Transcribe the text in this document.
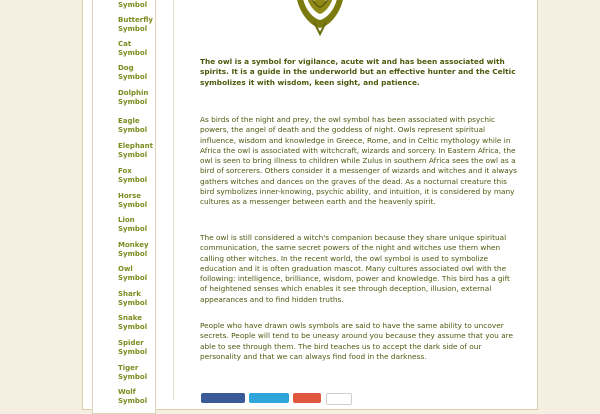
Symbol
Butterfly
Symbol
Cat
Symbol
Dog
Symbol
Dolphin
Symbol
Eagle
Symbol
Elephant
Symbol
Fox
Symbol
Horse
Symbol
Lion
Symbol
Monkey
Symbol
Owl
Symbol
Shark
Symbol
Snake
Symbol
Spider
Symbol
Tiger
Symbol
Wolf
Symbol
The owl is a symbol for vigilance, acute wit and has been associated with spirits. It is a guide in the underworld but an effective hunter and the Celtic symbolizes it with wisdom, keen sight, and patience.
As birds of the night and prey, the owl symbol has been associated with psychic powers, the angel of death and the goddess of night. Owls represent spiritual influence, wisdom and knowledge in Greece, Rome, and in Celtic mythology while in Africa the owl is associated with witchcraft, wizards and sorcery. In Eastern Africa, the owl is seen to bring illness to children while Zulus in southern Africa sees the owl as a bird of sorcerers. Others consider it a messenger of wizards and witches and it always gathers witches and dances on the graves of the dead. As a nocturnal creature this bird symbolizes inner-knowing, psychic ability, and intuition, it is considered by many cultures as a messenger between earth and the heavenly spirit.
The owl is still considered a witch's companion because they share unique spiritual communication, the same secret powers of the night and witches use them when calling other witches. In the recent world, the owl symbol is used to symbolize education and it is often graduation mascot. Many cultures associated owl with the following: intelligence, brilliance, wisdom, power and knowledge. This bird has a gift of heightened senses which enables it see through deception, illusion, external appearances and to find hidden truths.
People who have drawn owls symbols are said to have the same ability to uncover secrets. People will tend to be uneasy around you because they assume that you are able to see through them. The bird teaches us to accept the dark side of our personality and that we can always find food in the darkness.
